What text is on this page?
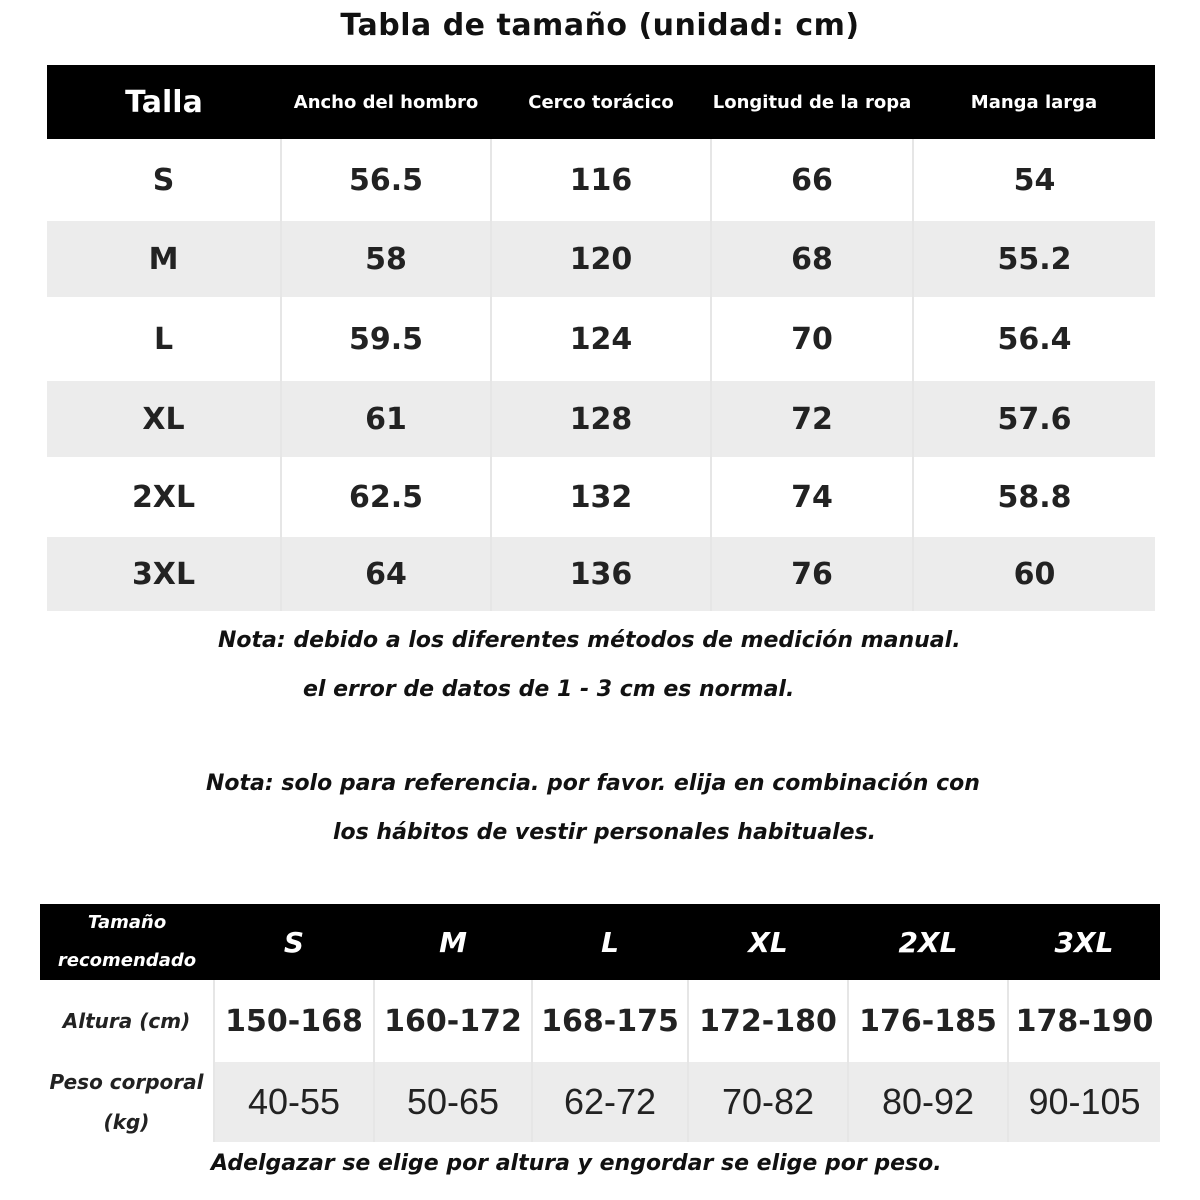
Tabla de tamaño (unidad: cm)
Talla	Ancho del hombro	Cerco torácico	Longitud de la ropa	Manga larga
S	56.5	116	66	54
M	58	120	68	55.2
L	59.5	124	70	56.4
XL	61	128	72	57.6
2XL	62.5	132	74	58.8
3XL	64	136	76	60
Nota: debido a los diferentes métodos de medición manual.
el error de datos de 1 - 3 cm es normal.
Nota: solo para referencia. por favor. elija en combinación con
los hábitos de vestir personales habituales.
Tamaño
recomendado	S	M	L	XL	2XL	3XL
Altura (cm)	150-168	160-172	168-175	172-180	176-185	178-190

Peso corporal
(kg)	40-55	50-65	62-72	70-82	80-92	90-105
Adelgazar se elige por altura y engordar se elige por peso.
